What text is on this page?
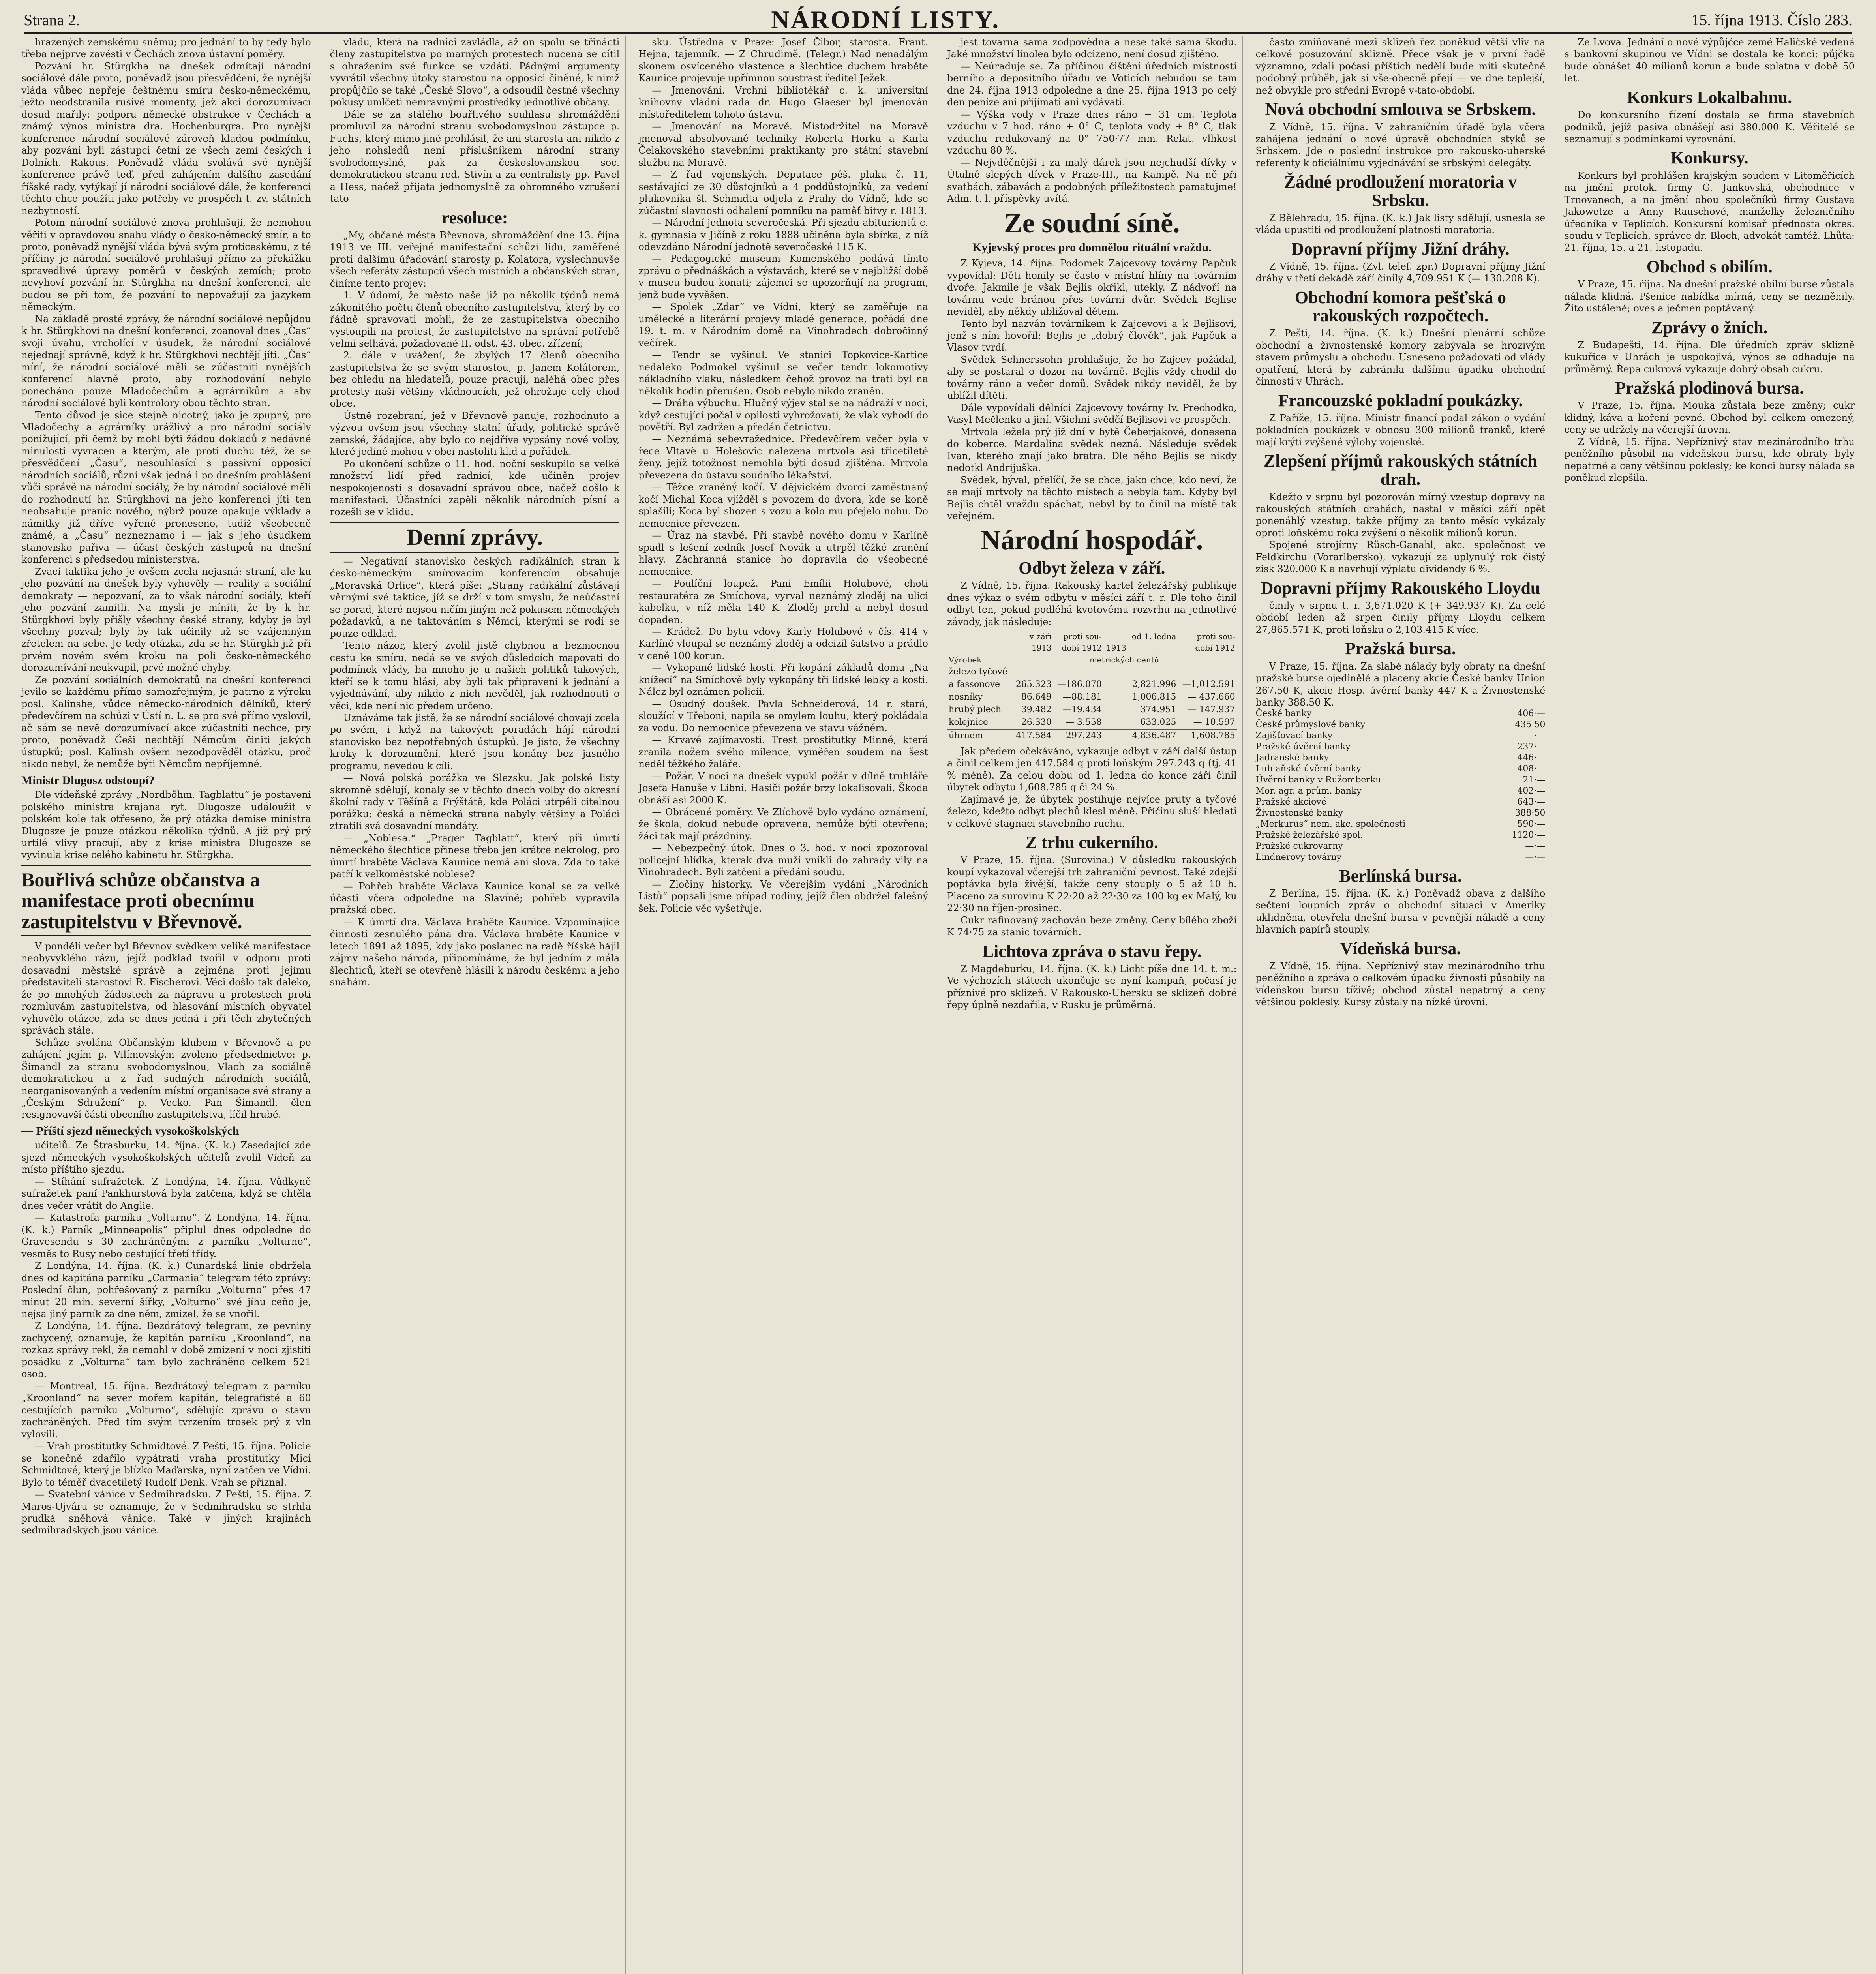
Strana 2.	NÁRODNÍ LISTY.	15. října 1913. Číslo 283.

hražených zemskému sněmu; pro jednání to by tedy bylo třeba nejprve zavésti v Čechách znova ústavní poměry.

Pozvání hr. Stürgkha na dnešek odmítají národní sociálové dále proto, poněvadž jsou přesvědčeni, že nynější vláda vůbec nepřeje češtnému smíru česko-německému, ježto neodstranila rušivé momenty, jež akci dorozumívací dosud mařily: podporu německé obstrukce v Čechách a známý výnos ministra dra. Hochenburgra. Pro nynější konference národní sociálové zároveň kladou podmínku, aby pozváni byli zástupci četní ze všech zemí českých i Dolních. Rakous. Poněvadž vláda svolává své nynější konference právě teď, před zahájením dalšího zasedání říšské rady, vytýkají jí národní sociálové dále, že konferenci těchto chce použíti jako potřeby ve prospěch t. zv. státních nezbytností.

Potom národní sociálové znova prohlašují, že nemohou věřiti v opravdovou snahu vlády o česko-německý smír, a to proto, poněvadž nynější vláda bývá svým proticeskému, z té příčiny je národní sociálové prohlašují přímo za překážku spravedlivé úpravy poměrů v českých zemích; proto nevyhoví pozvání hr. Stürgkha na dnešní konferenci, ale budou se při tom, že pozvání to nepovažují za jazykem německým.

Na základě prosté zprávy, že národní sociálové nepůjdou k hr. Stürgkhovi na dnešní konferenci, zoanoval dnes „Čas“ svoji úvahu, vrcholící v úsudek, že národní sociálové nejednají správně, když k hr. Stürgkhovi nechtějí jíti. „Čas“ míní, že národní sociálové měli se zúčastniti nynějších konferencí hlavně proto, aby rozhodování nebylo ponecháno pouze Mladočechům a agrárníkům a aby národní sociálové byli kontrolory obou těchto stran.

Tento důvod je sice stejně nicotný, jako je zpupný, pro Mladočechy a agrárníky urážlivý a pro národní sociály ponižující, při čemž by mohl býti žádou dokladů z nedávné minulosti vyvracen a kterým, ale proti duchu též, že se přesvědčení „Času“, nesouhlasící s passivní opposicí národních sociálů, různí však jedná i po dnešním prohlášení vůči správě na národní sociály, že by národní sociálové měli do rozhodnutí hr. Stürgkhovi na jeho konferenci jíti ten neobsahuje pranic nového, nýbrž pouze opakuje výklady a námitky již dříve vyřené proneseno, tudíž všeobecně známé, a „Času“ nezneznamo i — jak s jeho úsudkem stanovisko pařiva — účast českých zástupců na dnešní konferenci s předsedou ministerstva.

Zvací taktika jeho je ovšem zcela nejasná: straní, ale ku jeho pozvání na dnešek byly vyhověly — reality a sociální demokraty — nepozvaní, za to však národní sociály, kteří jeho pozvání zamítli. Na mysli je míníti, že by k hr. Stürgkhovi byly přišly všechny české strany, kdyby je byl všechny pozval; byly by tak učinily už se vzájemným zřetelem na sebe. Je tedy otázka, zda se hr. Stürgkh již při prvém novém svém kroku na poli česko-německého dorozumívání neukvapil, prvé možné chyby.

Ze pozvání sociálních demokratů na dnešní konferenci jevilo se každému přímo samozřejmým, je patrno z výroku posl. Kalinshe, vůdce německo-národních dělníků, který předevčírem na schůzi v Ústí n. L. se pro své přímo vyslovil, ač sám se nevě dorozumívací akce zúčastniti nechce, pry proto, poněvadž Češi nechtějí Němcům činiti jakých ústupků; posl. Kalinsh ovšem nezodpověděl otázku, proč nikdo nebyl, že nemůže býti Němcům nepříjemné.

Ministr Dlugosz odstoupí?

Dle vídeňské zprávy „Nordböhm. Tagblattu“ je postaveni polského ministra krajana ryt. Dlugosze událoužit v polském kole tak otřeseno, že prý otázka demise ministra Dlugosze je pouze otázkou několika týdnů. A již prý prý urtilé vlivy pracují, aby z krise ministra Dlugosze se vyvinula krise celého kabinetu hr. Stürgkha.

Bouřlivá schůze občanstva a manifestace proti obecnímu zastupitelstvu v Břevnově.

V pondělí večer byl Břevnov svědkem veliké manifestace neobyvyklého rázu, jejíž podklad tvořil v odporu proti dosavadní městské správě a zejména proti jejímu představiteli starostovi R. Fischerovi. Věci došlo tak daleko, že po mnohých žádostech za nápravu a protestech proti rozmluvám zastupitelstva, od hlasování místních obyvatel vyhovělo otázce, zda se dnes jedná i při těch zbytečných správách stále.

Schůze svolána Občanským klubem v Břevnově a po zahájení jejím p. Vilímovským zvoleno předsednictvo: p. Šimandl za stranu svobodomyslnou, Vlach za sociálně demokratickou a z řad sudných národních sociálů, neorganisovaných a vedením místní organisace své strany a „Českým Sdružení“ p. Vecko. Pan Šimandl, člen resignovavší části obecního zastupitelstva, líčil hrubé.

— Příští sjezd německých vysokoškolských

učitelů. Ze Štrasburku, 14. října. (K. k.) Zasedající zde sjezd německých vysokoškolských učitelů zvolil Vídeň za místo příštího sjezdu.

— Stíhání sufražetek. Z Londýna, 14. října. Vůdkyně sufražetek paní Pankhurstová byla zatčena, když se chtěla dnes večer vrátit do Anglie.

— Katastrofa parníku „Volturno“. Z Londýna, 14. října. (K. k.) Parník „Minneapolis“ připlul dnes odpoledne do Gravesendu s 30 zachráněnými z parníku „Volturno“, vesměs to Rusy nebo cestující třetí třídy.

Z Londýna, 14. října. (K. k.) Cunardská linie obdržela dnes od kapitána parníku „Carmania“ telegram této zprávy: Poslední člun, pohřešovaný z parníku „Volturno“ přes 47 minut 20 mín. severní šířky, „Volturno“ své jíhu ceňo je, nejsa jiný parník za dne něm, zmizel, že se vnořil.

Z Londýna, 14. října. Bezdrátový telegram, ze pevniny zachycený, oznamuje, že kapitán parníku „Kroonland“, na rozkaz správy rekl, že nemohl v době zmizení v noci zjistiti posádku z „Volturna“ tam bylo zachráněno celkem 521 osob.

— Montreal, 15. října. Bezdrátový telegram z parníku „Kroonland“ na sever mořem kapitán, telegrafisté a 60 cestujících parníku „Volturno“, sdělujíc zprávu o stavu zachráněných. Před tím svým tvrzením trosek prý z vln vylovili.

— Vrah prostitutky Schmidtové. Z Pešti, 15. října. Policie se konečně zdařilo vypátrati vraha prostitutky Mici Schmidtové, který je blízko Maďarska, nyní zatčen ve Vídni. Bylo to téměř dvacetiletý Rudolf Denk. Vrah se přiznal.

— Svatební vánice v Sedmihradsku. Z Pešti, 15. října. Z Maros-Ujváru se oznamuje, že v Sedmihradsku se strhla prudká sněhová vánice. Také v jiných krajinách sedmihradských jsou vánice.

vládu, která na radnici zavládla, až on spolu se třinácti členy zastupitelstva po marných protestech nucena se cítil s ohražením své funkce se vzdáti. Pádnými argumenty vyvrátil všechny útoky starostou na opposici činěné, k nimž propůjčilo se také „České Slovo“, a odsoudil čestné všechny pokusy umlčeti nemravnými prostředky jednotlivé občany.

Dále se za stálého bouřlivého souhlasu shromáždění promluvil za národní stranu svobodomyslnou zástupce p. Fuchs, který mimo jiné prohlásil, že ani starosta ani nikdo z jeho nohsledů není příslušníkem národní strany svobodomyslné, pak za českoslovanskou soc. demokratickou stranu red. Stivín a za centralisty pp. Pavel a Hess, načež přijata jednomyslně za ohromného vzrušení tato

resoluce:

„My, občané města Břevnova, shromáždění dne 13. října 1913 ve III. veřejné manifestační schůzi lidu, zaměřené proti dalšímu úřadování starosty p. Kolatora, vyslechnuvše všech referáty zástupců všech místních a občanských stran, činíme tento projev:

1. V údomí, že město naše již po několik týdnů nemá zákonitého počtu členů obecního zastupitelstva, který by co řádně spravovati mohli, že ze zastupitelstva obecního vystoupili na protest, že zastupitelstvo na správní potřebě velmi selhává, požadované II. odst. 43. obec. zřízení;

2. dále v uvážení, že zbylých 17 členů obecního zastupitelstva že se svým starostou, p. Janem Kolátorem, bez ohledu na hledatelů, pouze pracují, naléhá obec přes protesty naší většiny vládnoucích, jež ohrožuje celý chod obce.

Ústně rozebraní, jež v Břevnově panuje, rozhodnuto a výzvou ovšem jsou všechny statní úřady, politické správě zemské, žádajíce, aby bylo co nejdříve vypsány nové volby, které jediné mohou v obci nastoliti klid a pořádek.

Po ukončení schůze o 11. hod. noční seskupilo se velké množství lidí před radnicí, kde učiněn projev nespokojenosti s dosavadní správou obce, načež došlo k manifestaci. Účastníci zapěli několik národních písní a rozešli se v klidu.

Denní zprávy.

— Negativní stanovisko českých radikálních stran k česko-německým smírovacím konferencím obsahuje „Moravská Orlice“, která píše: „Strany radikální zůstávají věrnými své taktice, jíž se drží v tom smyslu, že neúčastní se porad, které nejsou ničím jiným než pokusem německých požadavků, a ne taktováním s Němci, kterými se rodí se pouze odklad.

Tento názor, který zvolil jistě chybnou a bezmocnou cestu ke smíru, nedá se ve svých důsledcích mapovati do podmínek vlády, ba mnoho je u našich politiků takových, kteří se k tomu hlásí, aby byli tak připraveni k jednání a vyjednávání, aby nikdo z nich nevěděl, jak rozhodnouti o věci, kde není nic předem určeno.

Uznáváme tak jistě, že se národní sociálové chovají zcela po svém, i když na takových poradách hájí národní stanovisko bez nepotřebných ústupků. Je jisto, že všechny kroky k dorozumění, které jsou konány bez jasného programu, nevedou k cíli.

— Nová polská porážka ve Slezsku. Jak polské listy skromně sdělují, konaly se v těchto dnech volby do okresní školní rady v Těšíně a Frýštátě, kde Poláci utrpěli citelnou porážku; česká a německá strana nabyly většiny a Poláci ztratili svá dosavadní mandáty.

— „Noblesa.“ „Prager Tagblatt“, který při úmrtí německého šlechtice přinese třeba jen krátce nekrolog, pro úmrtí hraběte Václava Kaunice nemá ani slova. Zda to také patří k velkoměstské noblese?

— Pohřeb hraběte Václava Kaunice konal se za velké účasti včera odpoledne na Slavíně; pohřeb vypravila pražská obec.

— K úmrtí dra. Václava hraběte Kaunice. Vzpomínajíce činnosti zesnulého pána dra. Václava hraběte Kaunice v letech 1891 až 1895, kdy jako poslanec na radě říšské hájil zájmy našeho národa, připomínáme, že byl jedním z mála šlechticů, kteří se otevřeně hlásili k národu českému a jeho snahám.

sku. Ústředna v Praze: Josef Čibor, starosta. Frant. Hejna, tajemník. — Z Chrudimě. (Telegr.) Nad nenadálým skonem osvíceného vlastence a šlechtice duchem hraběte Kaunice projevuje upřímnou soustrast ředitel Ježek.

— Jmenování. Vrchní bibliotékář c. k. universitní knihovny vládní rada dr. Hugo Glaeser byl jmenován místoředitelem tohoto ústavu.

— Jmenování na Moravě. Místodržitel na Moravě jmenoval absolvované techniky Roberta Horku a Karla Čelakovského stavebními praktikanty pro státní stavební službu na Moravě.

— Z řad vojenských. Deputace pěš. pluku č. 11, sestávající ze 30 důstojníků a 4 poddůstojníků, za vedení plukovníka šl. Schmidta odjela z Prahy do Vídně, kde se zúčastní slavnosti odhalení pomníku na paměť bitvy r. 1813.

— Národní jednota severočeská. Při sjezdu abiturientů c. k. gymnasia v Jičíně z roku 1888 učiněna byla sbírka, z níž odevzdáno Národní jednotě severočeské 115 K.

— Pedagogické museum Komenského podává tímto zprávu o přednáškách a výstavách, které se v nejbližší době v museu budou konati; zájemci se upozorňují na program, jenž bude vyvěšen.

— Spolek „Zdar“ ve Vídni, který se zaměřuje na umělecké a literární projevy mladé generace, pořádá dne 19. t. m. v Národním domě na Vinohradech dobročinný večírek.

— Tendr se vyšinul. Ve stanici Topkovice-Kartice nedaleko Podmokel vyšinul se večer tendr lokomotivy nákladního vlaku, následkem čehož provoz na trati byl na několik hodin přerušen. Osob nebylo nikdo zraněn.

— Dráha výbuchu. Hlučný výjev stal se na nádraží v noci, když cestující počal v opilosti vyhrožovati, že vlak vyhodí do povětří. Byl zadržen a předán četnictvu.

— Neznámá sebevražednice. Předevčírem večer byla v řece Vltavě u Holešovic nalezena mrtvola asi třicetileté ženy, jejíž totožnost nemohla býti dosud zjištěna. Mrtvola převezena do ústavu soudního lékařství.

— Těžce zraněný kočí. V dějvickém dvorci zaměstnaný kočí Michal Koca vjížděl s povozem do dvora, kde se koně splašili; Koca byl shozen s vozu a kolo mu přejelo nohu. Do nemocnice převezen.

— Úraz na stavbě. Při stavbě nového domu v Karlíně spadl s lešení zedník Josef Novák a utrpěl těžké zranění hlavy. Záchranná stanice ho dopravila do všeobecné nemocnice.

— Poulíční loupež. Pani Emílii Holubové, choti restauratéra ze Smíchova, vyrval neznámý zloděj na ulici kabelku, v níž měla 140 K. Zloděj prchl a nebyl dosud dopaden.

— Krádež. Do bytu vdovy Karly Holubové v čís. 414 v Karlíně vloupal se neznámý zloděj a odcizil šatstvo a prádlo v ceně 100 korun.

— Vykopané lidské kosti. Při kopání základů domu „Na knížecí“ na Smíchově byly vykopány tři lidské lebky a kosti. Nález byl oznámen policii.

— Osudný doušek. Pavla Schneiderová, 14 r. stará, sloužící v Třeboni, napila se omylem louhu, který pokládala za vodu. Do nemocnice převezena ve stavu vážném.

— Krvavé zajímavosti. Trest prostitutky Minné, která zranila nožem svého milence, vyměřen soudem na šest neděl těžkého žaláře.

— Požár. V noci na dnešek vypukl požár v dílně truhláře Josefa Hanuše v Libni. Hasiči požár brzy lokalisovali. Škoda obnáší asi 2000 K.

— Obrácené poměry. Ve Zlíchově bylo vydáno oznámení, že škola, dokud nebude opravena, nemůže býti otevřena; žáci tak mají prázdniny.

— Nebezpečný útok. Dnes o 3. hod. v noci zpozoroval policejní hlídka, kterak dva muži vnikli do zahrady vily na Vinohradech. Byli zatčeni a předáni soudu.

— Zločiny historky. Ve včerejším vydání „Národních Listů“ popsali jsme případ rodiny, jejíž člen obdržel falešný šek. Policie věc vyšetřuje.

jest továrna sama zodpovědna a nese také sama škodu. Jaké množství linolea bylo odcizeno, není dosud zjištěno.

— Neúraduje se. Za příčinou čištění úředních místností berního a depositního úřadu ve Voticích nebudou se tam dne 24. října 1913 odpoledne a dne 25. října 1913 po celý den peníze ani přijímati ani vydávati.

— Výška vody v Praze dnes ráno + 31 cm. Teplota vzduchu v 7 hod. ráno + 0° C, teplota vody + 8° C, tlak vzduchu redukovaný na 0° 750·77 mm. Relat. vlhkost vzduchu 80 %.

— Nejvděčnější i za malý dárek jsou nejchudší dívky v Útulně slepých dívek v Praze-III., na Kampě. Na ně při svatbách, zábavách a podobných příležitostech pamatujme! Adm. t. l. příspěvky uvítá.

Ze soudní síně.
Kyjevský proces pro domnělou rituální vraždu.

Z Kyjeva, 14. října. Podomek Zajcevovy továrny Papčuk vypovídal: Děti honily se často v místní hlíny na továrním dvoře. Jakmile je však Bejlis okřikl, utekly. Z nádvoří na továrnu vede bránou přes tovární dvůr. Svědek Bejlise neviděl, aby někdy ubližoval dětem.

Tento byl nazván továrnikem k Zajcevovi a k Bejlisovi, jenž s ním hovořil; Bejlis je „dobrý člověk“, jak Papčuk a Vlasov tvrdí.

Svědek Schnerssohn prohlašuje, že ho Zajcev požádal, aby se postaral o dozor na továrně. Bejlis vždy chodil do továrny ráno a večer domů. Svědek nikdy neviděl, že by ublížil dítěti.

Dále vypovídali dělníci Zajcevovy továrny Iv. Prechodko, Vasyl Mečlenko a jiní. Všichni svědčí Bejlisovi ve prospěch.

Mrtvola ležela prý již dní v bytě Čeberjakové, donesena do koberce. Mardalina svědek nezná. Následuje svědek Ivan, kterého znají jako bratra. Dle něho Bejlis se nikdy nedotkl Andrijuška.

Svědek, býval, přelíčí, že se chce, jako chce, kdo neví, že se mají mrtvoly na těchto místech a nebyla tam. Kdyby byl Bejlis chtěl vraždu spáchat, nebyl by to činil na místě tak veřejném.

Národní hospodář.
Odbyt železa v září.

Z Vídně, 15. října. Rakouský kartel železářský publikuje dnes výkaz o svém odbytu v měsíci září t. r. Dle toho činil odbyt ten, pokud podléhá kvotovému rozvrhu na jednotlivé závody, jak následuje:

	v září	proti sou-		od 1. ledna	proti sou-
	1913	dobí 1912	1913		dobí 1912
Výrobek	metrických centů				
železo tyčové					
a fassonové	265.323	—186.070		2,821.996	—1,012.591
nosníky	86.649	—88.181		1,006.815	— 437.660
hrubý plech	39.482	—19.434		374.951	— 147.937
kolejnice	26.330	— 3.558		633.025	— 10.597
úhrnem	417.584	—297.243		4,836.487	—1,608.785

Jak předem očekáváno, vykazuje odbyt v září další ústup a činil celkem jen 417.584 q proti loňským 297.243 q (tj. 41 % méně). Za celou dobu od 1. ledna do konce září činil úbytek odbytu 1,608.785 q či 24 %.

Zajímavé je, že úbytek postihuje nejvíce pruty a tyčové železo, kdežto odbyt plechů klesl méně. Příčinu sluší hledati v celkové stagnaci stavebního ruchu.

Z trhu cukerního.

V Praze, 15. října. (Surovina.) V důsledku rakouských koupí vykazoval včerejší trh zahraniční pevnost. Také zdejší poptávka byla živější, takže ceny stouply o 5 až 10 h. Placeno za surovinu K 22·20 až 22·30 za 100 kg ex Malý, ku 22·30 na říjen-prosinec.

Cukr rafinovaný zachován beze změny. Ceny bílého zboží K 74·75 za stanic továrních.

Lichtova zpráva o stavu řepy.

Z Magdeburku, 14. října. (K. k.) Licht píše dne 14. t. m.: Ve výchozích státech ukončuje se nyní kampaň, počasí je příznivé pro sklizeň. V Rakousko-Uhersku se sklizeň dobré řepy úplně nezdařila, v Rusku je průměrná.

často zmiňované mezi sklizeň řez poněkud větší vliv na celkové posuzování sklizně. Přece však je v první řadě významno, zdali počasí příštích nedělí bude míti skutečně podobný průběh, jak si vše-obecně přejí — ve dne teplejší, než obvykle pro střední Evropě v-tato-období.

Nová obchodní smlouva se Srbskem.

Z Vídně, 15. října. V zahraničním úřadě byla včera zahájena jednání o nové úpravě obchodních styků se Srbskem. Jde o poslední instrukce pro rakousko-uherské referenty k oficiálnímu vyjednávání se srbskými delegáty.

Žádné prodloužení moratoria v Srbsku.

Z Bělehradu, 15. října. (K. k.) Jak listy sdělují, usnesla se vláda upustiti od prodloužení platnosti moratoria.

Dopravní příjmy Jižní dráhy.

Z Vídně, 15. října. (Zvl. telef. zpr.) Dopravní příjmy Jižní dráhy v třetí dekádě září činily 4,709.951 K (— 130.208 K).

Obchodní komora pešťská o rakouských rozpočtech.

Z Pešti, 14. října. (K. k.) Dnešní plenární schůze obchodní a živnostenské komory zabývala se hrozivým stavem průmyslu a obchodu. Usneseno požadovati od vlády opatření, která by zabránila dalšímu úpadku obchodní činnosti v Uhrách.

Francouzské pokladní poukázky.

Z Paříže, 15. října. Ministr financí podal zákon o vydání pokladních poukázek v obnosu 300 milionů franků, které mají krýti zvýšené výlohy vojenské.

Zlepšení příjmů rakouských státních drah.

Kdežto v srpnu byl pozorován mírný vzestup dopravy na rakouských státních drahách, nastal v měsíci září opět ponenáhlý vzestup, takže příjmy za tento měsíc vykázaly oproti loňskému roku zvýšení o několik milionů korun.

Spojené strojírny Rüsch-Ganahl, akc. společnost ve Feldkirchu (Vorarlbersko), vykazují za uplynulý rok čistý zisk 320.000 K a navrhují výplatu dividendy 6 %.

Dopravní příjmy Rakouského Lloydu

činily v srpnu t. r. 3,671.020 K (+ 349.937 K). Za celé období leden až srpen činily příjmy Lloydu celkem 27,865.571 K, proti loňsku o 2,103.415 K více.

Pražská bursa.

V Praze, 15. října. Za slabé nálady byly obraty na dnešní pražské burse ojedinělé a placeny akcie České banky Union 267.50 K, akcie Hosp. úvěrní banky 447 K a Živnostenské banky 388.50 K.

České banky	406·—
České průmyslové banky	435·50
Zajišťovací banky	—·—
Pražské úvěrní banky	237·—
Jadranské banky	446·—
Lublaňské úvěrní banky	408·—
Úvěrní banky v Ružomberku	21·—
Mor. agr. a prům. banky	402·—
Pražské akciové	643·—
Živnostenské banky	388·50
„Merkurus“ nem. akc. společnosti	590·—
Pražské železářské spol.	1120·—
Pražské cukrovarny	—·—
Lindnerovy továrny	—·—
Berlínská bursa.

Z Berlína, 15. října. (K. k.) Poněvadž obava z dalšího sečtení loupních zpráv o obchodní situaci v Ameriky uklidněna, otevřela dnešní bursa v pevnější náladě a ceny hlavních papírů stouply.

Vídeňská bursa.

Z Vídně, 15. října. Nepříznivý stav mezinárodního trhu peněžního a zpráva o celkovém úpadku živnosti působily na vídeňskou bursu tíživě; obchod zůstal nepatrný a ceny většinou poklesly. Kursy zůstaly na nízké úrovni.

Ze Lvova. Jednání o nové výpůjčce země Haličské vedená s bankovní skupinou ve Vídni se dostala ke konci; půjčka bude obnášet 40 milionů korun a bude splatna v době 50 let.

Konkurs Lokalbahnu.

Do konkursního řízení dostala se firma stavebních podniků, jejíž pasiva obnášejí asi 380.000 K. Věřitelé se seznamují s podmínkami vyrovnání.

Konkursy.

Konkurs byl prohlášen krajským soudem v Litoměřicích na jmění protok. firmy G. Jankovská, obchodnice v Trnovanech, a na jmění obou společníků firmy Gustava Jakowetze a Anny Rauschové, manželky železničního úředníka v Teplicích. Konkursní komisař přednosta okres. soudu v Teplicích, správce dr. Bloch, advokát tamtéž. Lhůta: 21. října, 15. a 21. listopadu.

Obchod s obilím.

V Praze, 15. října. Na dnešní pražské obilní burse zůstala nálada klidná. Pšenice nabídka mírná, ceny se nezměnily. Žito ustálené; oves a ječmen poptávaný.

Zprávy o žních.

Z Budapešti, 14. října. Dle úředních zpráv sklizně kukuřice v Uhrách je uspokojivá, výnos se odhaduje na průměrný. Řepa cukrová vykazuje dobrý obsah cukru.

Pražská plodinová bursa.

V Praze, 15. října. Mouka zůstala beze změny; cukr klidný, káva a koření pevné. Obchod byl celkem omezený, ceny se udržely na včerejší úrovni.

Z Vídně, 15. října. Nepříznivý stav mezinárodního trhu peněžního působil na vídeňskou bursu, kde obraty byly nepatrné a ceny většinou poklesly; ke konci bursy nálada se poněkud zlepšila.
